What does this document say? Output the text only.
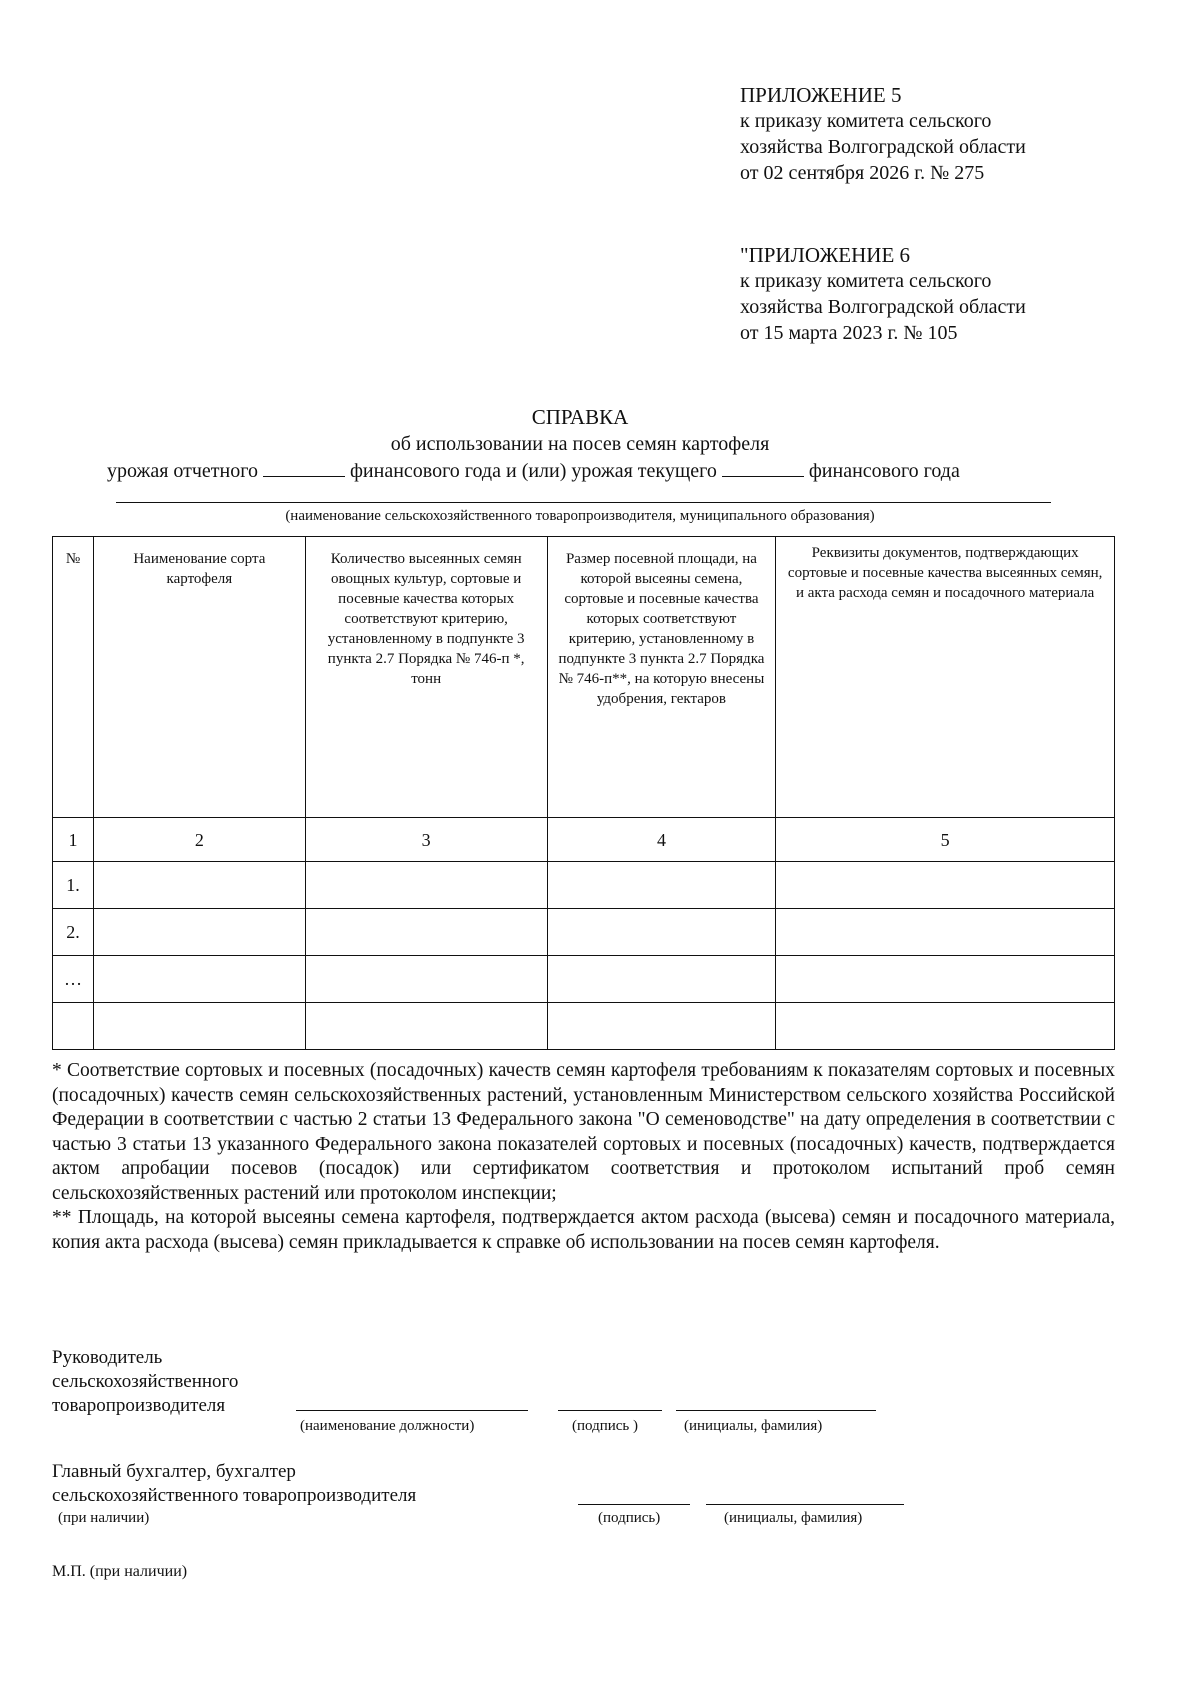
ПРИЛОЖЕНИЕ 5
к приказу комитета сельского
хозяйства Волгоградской области
от 02 сентября 2026 г. № 275
"ПРИЛОЖЕНИЕ 6
к приказу комитета сельского
хозяйства Волгоградской области
от 15 марта 2023 г. № 105
СПРАВКА
об использовании на посев семян картофеля
урожая отчетного	финансового года и (или) урожая текущего	финансового года
(наименование сельскохозяйственного товаропроизводителя, муниципального образования)
№	Наименование сорта картофеля	Количество высеянных семян овощных культур, сортовые и посевные качества которых соответствуют критерию, установленному в подпункте 3 пункта 2.7 Порядка № 746-п *, тонн	Размер посевной площади, на которой высеяны семена, сортовые и посевные качества которых соответствуют критерию, установленному в подпункте 3 пункта 2.7 Порядка № 746-п**, на которую внесены удобрения, гектаров	Реквизиты документов, подтверждающих сортовые и посевные качества высеянных семян, и акта расхода семян и посадочного материала
1	2	3	4	5
1.				
2.				
…				

* Соответствие сортовых и посевных (посадочных) качеств семян картофеля требованиям к показателям сортовых и посевных (посадочных) качеств семян сельскохозяйственных растений, установленным Министерством сельского хозяйства Российской Федерации в соответствии с частью 2 статьи 13 Федерального закона "О семеноводстве" на дату определения в соответствии с частью 3 статьи 13 указанного Федерального закона показателей сортовых и посевных (посадочных) качеств, подтверждается актом апробации посевов (посадок) или сертификатом соответствия и протоколом испытаний проб семян сельскохозяйственных растений или протоколом инспекции;

** Площадь, на которой высеяны семена картофеля, подтверждается актом расхода (высева) семян и посадочного материала, копия акта расхода (высева) семян прикладывается к справке об использовании на посев семян картофеля.

Руководитель
сельскохозяйственного
товаропроизводителя
(наименование должности)	(подпись )	(инициалы, фамилия)
Главный бухгалтер, бухгалтер
сельскохозяйственного товаропроизводителя
(при наличии)	(подпись)	(инициалы, фамилия)
М.П. (при наличии)
